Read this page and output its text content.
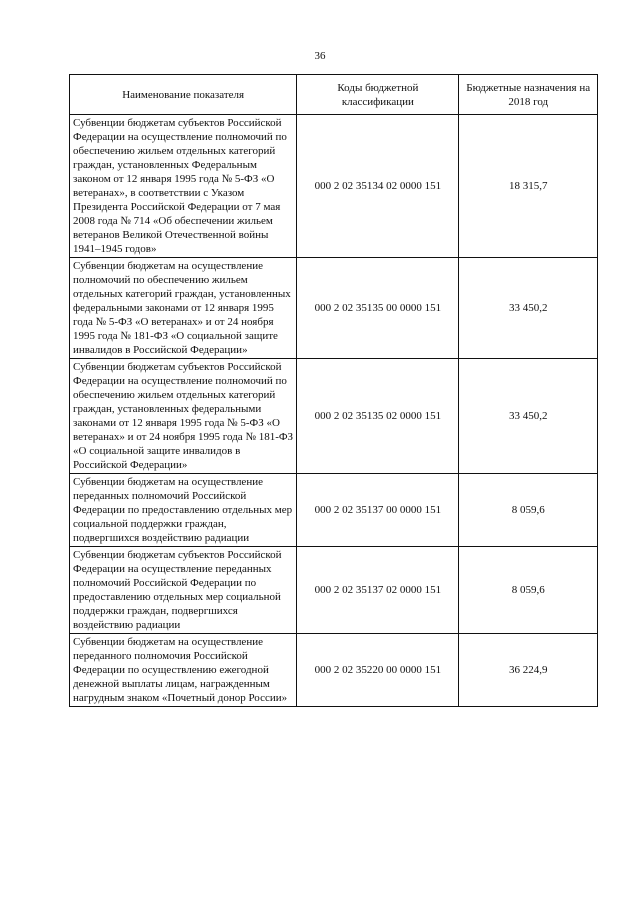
36
Наименование показателя	Коды бюджетной классификации	Бюджетные назначения на 2018 год
Субвенции бюджетам субъектов Российской Федерации на осуществление полномочий по обеспечению жильем отдельных категорий граждан, установленных Федеральным законом от 12 января 1995 года № 5-ФЗ «О ветеранах», в соответствии с Указом Президента Российской Федерации от 7 мая 2008 года № 714 «Об обеспечении жильем ветеранов Великой Отечественной войны 1941–1945 годов»	000 2 02 35134 02 0000 151	18 315,7
Субвенции бюджетам на осуществление полномочий по обеспечению жильем отдельных категорий граждан, установленных федеральными законами от 12 января 1995 года № 5-ФЗ «О ветеранах» и от 24 ноября 1995 года № 181-ФЗ «О социальной защите инвалидов в Российской Федерации»	000 2 02 35135 00 0000 151	33 450,2
Субвенции бюджетам субъектов Российской Федерации на осуществление полномочий по обеспечению жильем отдельных категорий граждан, установленных федеральными законами от 12 января 1995 года № 5-ФЗ «О ветеранах» и от 24 ноября 1995 года № 181-ФЗ «О социальной защите инвалидов в Российской Федерации»	000 2 02 35135 02 0000 151	33 450,2
Субвенции бюджетам на осуществление переданных полномочий Российской Федерации по предоставлению отдельных мер социальной поддержки граждан, подвергшихся воздействию радиации	000 2 02 35137 00 0000 151	8 059,6
Субвенции бюджетам субъектов Российской Федерации на осуществление переданных полномочий Российской Федерации по предоставлению отдельных мер социальной поддержки граждан, подвергшихся воздействию радиации	000 2 02 35137 02 0000 151	8 059,6
Субвенции бюджетам на осуществление переданного полномочия Российской Федерации по осуществлению ежегодной денежной выплаты лицам, награжденным нагрудным знаком «Почетный донор России»	000 2 02 35220 00 0000 151	36 224,9
